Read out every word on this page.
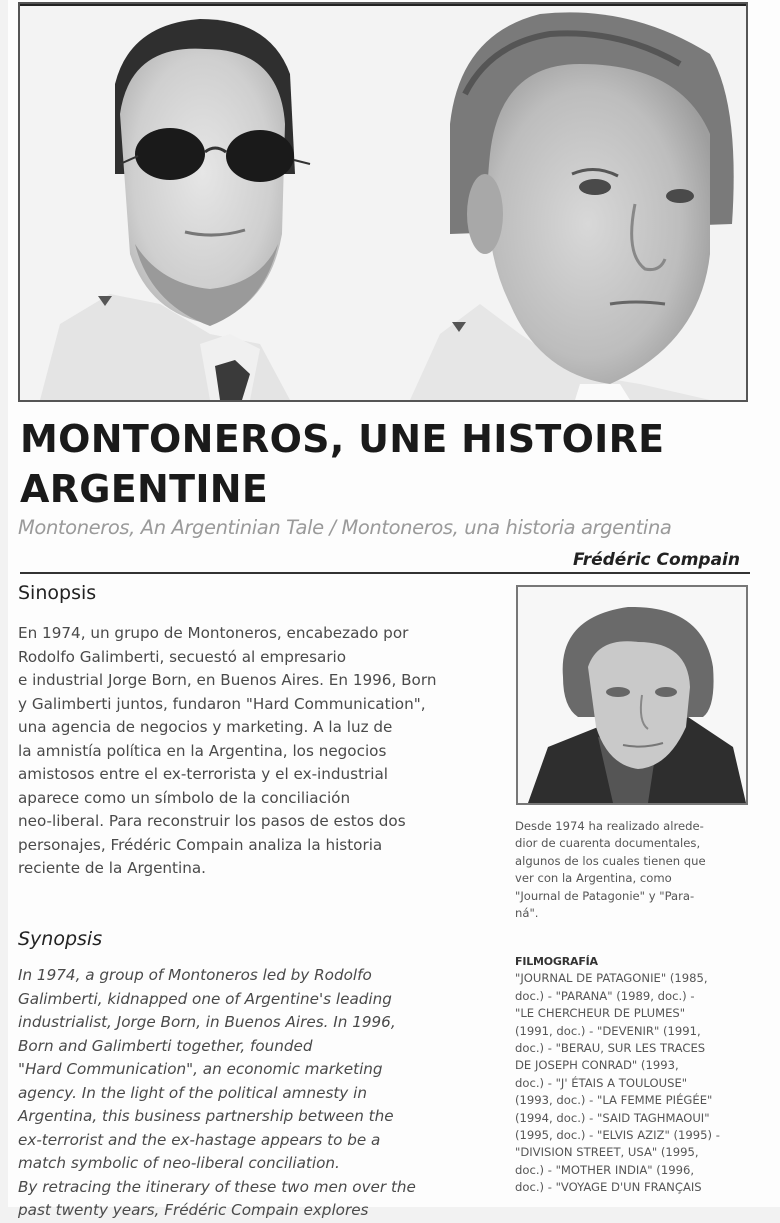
MONTONEROS, UNE HISTOIRE
ARGENTINE
Montoneros, An Argentinian Tale / Montoneros, una historia argentina
Frédéric Compain
Sinopsis
En 1974, un grupo de Montoneros, encabezado por
Rodolfo Galimberti, secuestó al empresario
e industrial Jorge Born, en Buenos Aires. En 1996, Born
y Galimberti juntos, fundaron "Hard Communication",
una agencia de negocios y marketing. A la luz de
la amnistía política en la Argentina, los negocios
amistosos entre el ex-terrorista y el ex-industrial
aparece como un símbolo de la conciliación
neo-liberal. Para reconstruir los pasos de estos dos
personajes, Frédéric Compain analiza la historia
reciente de la Argentina.
Synopsis
In 1974, a group of Montoneros led by Rodolfo
Galimberti, kidnapped one of Argentine's leading
industrialist, Jorge Born, in Buenos Aires. In 1996,
Born and Galimberti together, founded
"Hard Communication", an economic marketing
agency. In the light of the political amnesty in
Argentina, this business partnership between the
ex-terrorist and the ex-hastage appears to be a
match symbolic of neo-liberal conciliation.
By retracing the itinerary of these two men over the
past twenty years, Frédéric Compain explores
Desde 1974 ha realizado alrede-
dior de cuarenta documentales,
algunos de los cuales tienen que
ver con la Argentina, como
"Journal de Patagonie" y "Para-
ná".
FILMOGRAFÍA
"JOURNAL DE PATAGONIE" (1985,
doc.) - "PARANA" (1989, doc.) -
"LE CHERCHEUR DE PLUMES"
(1991, doc.) - "DEVENIR" (1991,
doc.) - "BERAU, SUR LES TRACES
DE JOSEPH CONRAD" (1993,
doc.) - "J' ÉTAIS A TOULOUSE"
(1993, doc.) - "LA FEMME PIÉGÉE"
(1994, doc.) - "SAID TAGHMAOUI"
(1995, doc.) - "ELVIS AZIZ" (1995) -
"DIVISION STREET, USA" (1995,
doc.) - "MOTHER INDIA" (1996,
doc.) - "VOYAGE D'UN FRANÇAIS
